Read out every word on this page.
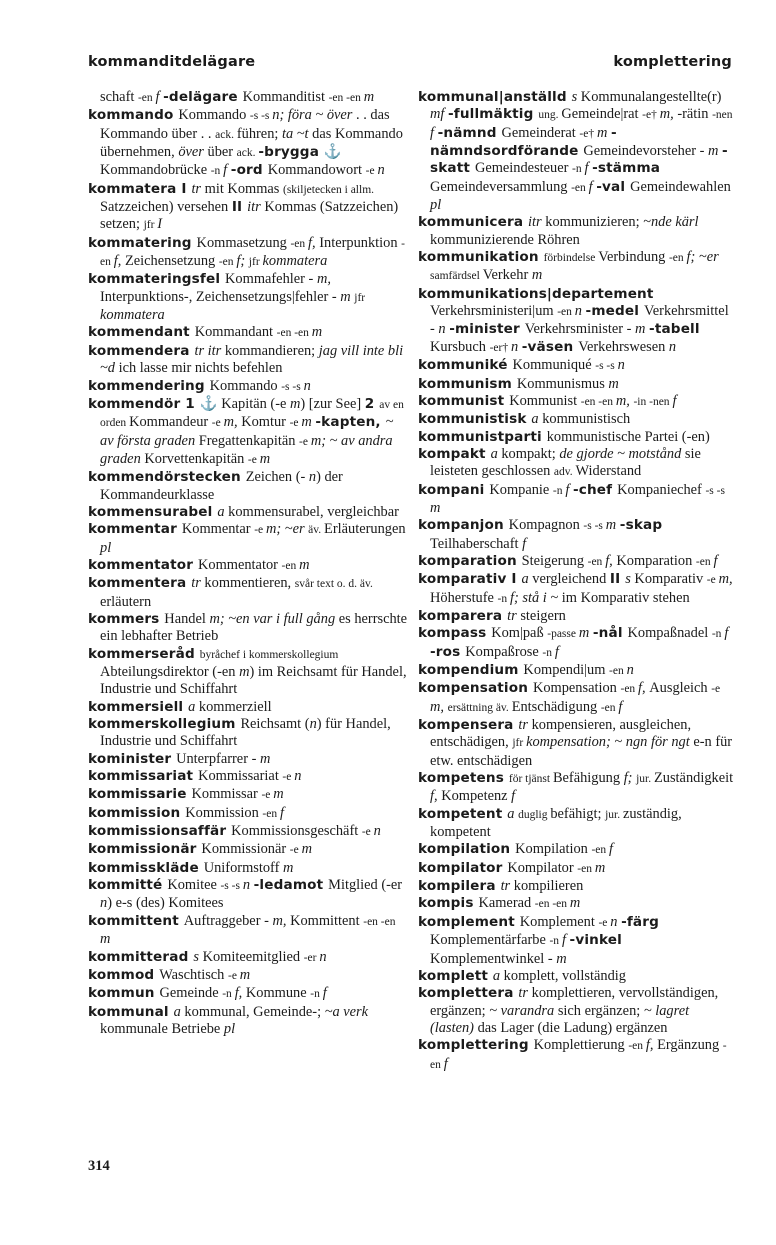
kommanditdelägare	komplettering

schaft -en f -delägare Kommanditist -en -en m

kommando Kommando -s -s n; föra ~ över . . das Kommando über . . ack. führen; ta ~t das Kommando übernehmen, över über ack. -brygga ⚓ Kommandobrücke -n f -ord Kommandowort -e n

kommatera I tr mit Kommas (skiljetecken i allm. Satzzeichen) versehen II itr Kommas (Satzzeichen) setzen; jfr I

kommatering Kommasetzung -en f, Interpunktion -en f, Zeichensetzung -en f; jfr kommatera

kommateringsfel Kommafehler - m, Interpunktions-, Zeichensetzungs|fehler - m jfr kommatera

kommendant Kommandant -en -en m

kommendera tr itr kommandieren; jag vill inte bli ~d ich lasse mir nichts befehlen

kommendering Kommando -s -s n

kommendör 1 ⚓ Kapitän (-e m) [zur See] 2 av en orden Kommandeur -e m, Komtur -e m -kapten, ~ av första graden Fregattenkapitän -e m; ~ av andra graden Korvettenkapitän -e m

kommendörstecken Zeichen (- n) der Kommandeurklasse

kommensurabel a kommensurabel, vergleichbar

kommentar Kommentar -e m; ~er äv. Erläuterungen pl

kommentator Kommentator -en m

kommentera tr kommentieren, svår text o. d. äv. erläutern

kommers Handel m; ~en var i full gång es herrschte ein lebhafter Betrieb

kommerseråd byråchef i kommerskollegium Abteilungsdirektor (-en m) im Reichsamt für Handel, Industrie und Schiffahrt

kommersiell a kommerziell

kommerskollegium Reichsamt (n) für Handel, Industrie und Schiffahrt

kominister Unterpfarrer - m

kommissariat Kommissariat -e n

kommissarie Kommissar -e m

kommission Kommission -en f

kommissionsaffär Kommissionsgeschäft -e n

kommissionär Kommissionär -e m

kommisskläde Uniformstoff m

kommitté Komitee -s -s n -ledamot Mitglied (-er n) e-s (des) Komitees

kommittent Auftraggeber - m, Kommittent -en -en m

kommitterad s Komiteemitglied -er n

kommod Waschtisch -e m

kommun Gemeinde -n f, Kommune -n f

kommunal a kommunal, Gemeinde-; ~a verk kommunale Betriebe pl

kommunal|anställd s Kommunalangestellte(r) mf -fullmäktig ung. Gemeinde|rat -e† m, -rätin -nen f -nämnd Gemeinderat -e† m -nämndsordförande Gemeindevorsteher - m -skatt Gemeindesteuer -n f -stämma Gemeindeversammlung -en f -val Gemeindewahlen pl

kommunicera itr kommunizieren; ~nde kärl kommunizierende Röhren

kommunikation förbindelse Verbindung -en f; ~er samfärdsel Verkehr m

kommunikations|departement Verkehrsministeri|um -en n -medel Verkehrsmittel - n -minister Verkehrsminister - m -tabell Kursbuch -er† n -väsen Verkehrswesen n

kommuniké Kommuniqué -s -s n

kommunism Kommunismus m

kommunist Kommunist -en -en m, -in -nen f

kommunistisk a kommunistisch

kommunistparti kommunistische Partei (-en)

kompakt a kompakt; de gjorde ~ motstånd sie leisteten geschlossen adv. Widerstand

kompani Kompanie -n f -chef Kompaniechef -s -s m

kompanjon Kompagnon -s -s m -skap Teilhaberschaft f

komparation Steigerung -en f, Komparation -en f

komparativ I a vergleichend II s Komparativ -e m, Höherstufe -n f; stå i ~ im Komparativ stehen

komparera tr steigern

kompass Kom|paß -passe m -nål Kompaßnadel -n f -ros Kompaßrose -n f

kompendium Kompendi|um -en n

kompensation Kompensation -en f, Ausgleich -e m, ersättning äv. Entschädigung -en f

kompensera tr kompensieren, ausgleichen, entschädigen, jfr kompensation; ~ ngn för ngt e-n für etw. entschädigen

kompetens för tjänst Befähigung f; jur. Zuständigkeit f, Kompetenz f

kompetent a duglig befähigt; jur. zuständig, kompetent

kompilation Kompilation -en f

kompilator Kompilator -en m

kompilera tr kompilieren

kompis Kamerad -en -en m

komplement Komplement -e n -färg Komplementärfarbe -n f -vinkel Komplementwinkel - m

komplett a komplett, vollständig

komplettera tr komplettieren, vervollständigen, ergänzen; ~ varandra sich ergänzen; ~ lagret (lasten) das Lager (die Ladung) ergänzen

komplettering Komplettierung -en f, Ergänzung -en f

314
